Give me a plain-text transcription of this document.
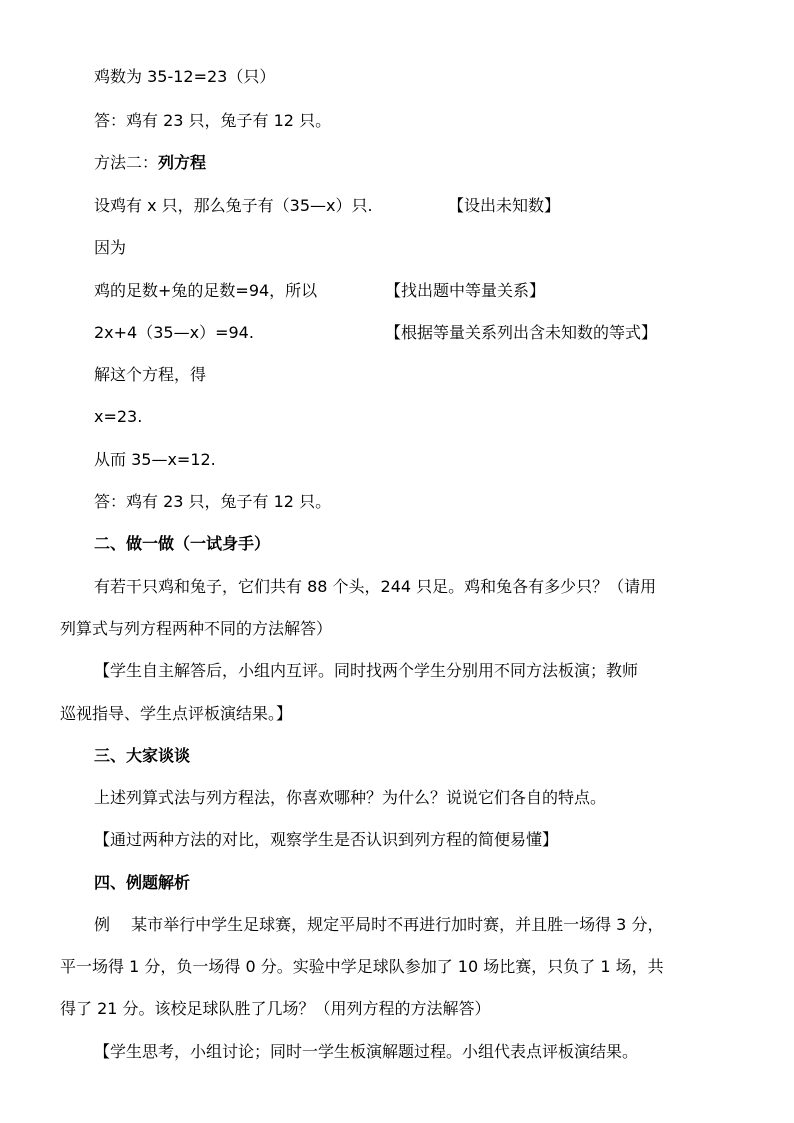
鸡数为 35-12=23（只）
答：鸡有 23 只，兔子有 12 只。
方法二：列方程
设鸡有 x 只，那么兔子有（35—x）只.	【设出未知数】
因为
鸡的足数+兔的足数=94，所以	【找出题中等量关系】
2x+4（35—x）=94.	【根据等量关系列出含未知数的等式】
解这个方程，得
x=23.
从而 35—x=12.
答：鸡有 23 只，兔子有 12 只。
二、做一做（一试身手）
有若干只鸡和兔子，它们共有 88 个头，244 只足。鸡和兔各有多少只？（请用
列算式与列方程两种不同的方法解答）
【学生自主解答后，小组内互评。同时找两个学生分别用不同方法板演；教师
巡视指导、学生点评板演结果。】
三、大家谈谈
上述列算式法与列方程法，你喜欢哪种？为什么？说说它们各自的特点。
【通过两种方法的对比，观察学生是否认识到列方程的简便易懂】
四、例题解析
例　 某市举行中学生足球赛，规定平局时不再进行加时赛，并且胜一场得 3 分，
平一场得 1 分，负一场得 0 分。实验中学足球队参加了 10 场比赛，只负了 1 场，共
得了 21 分。该校足球队胜了几场？（用列方程的方法解答）
【学生思考，小组讨论；同时一学生板演解题过程。小组代表点评板演结果。
